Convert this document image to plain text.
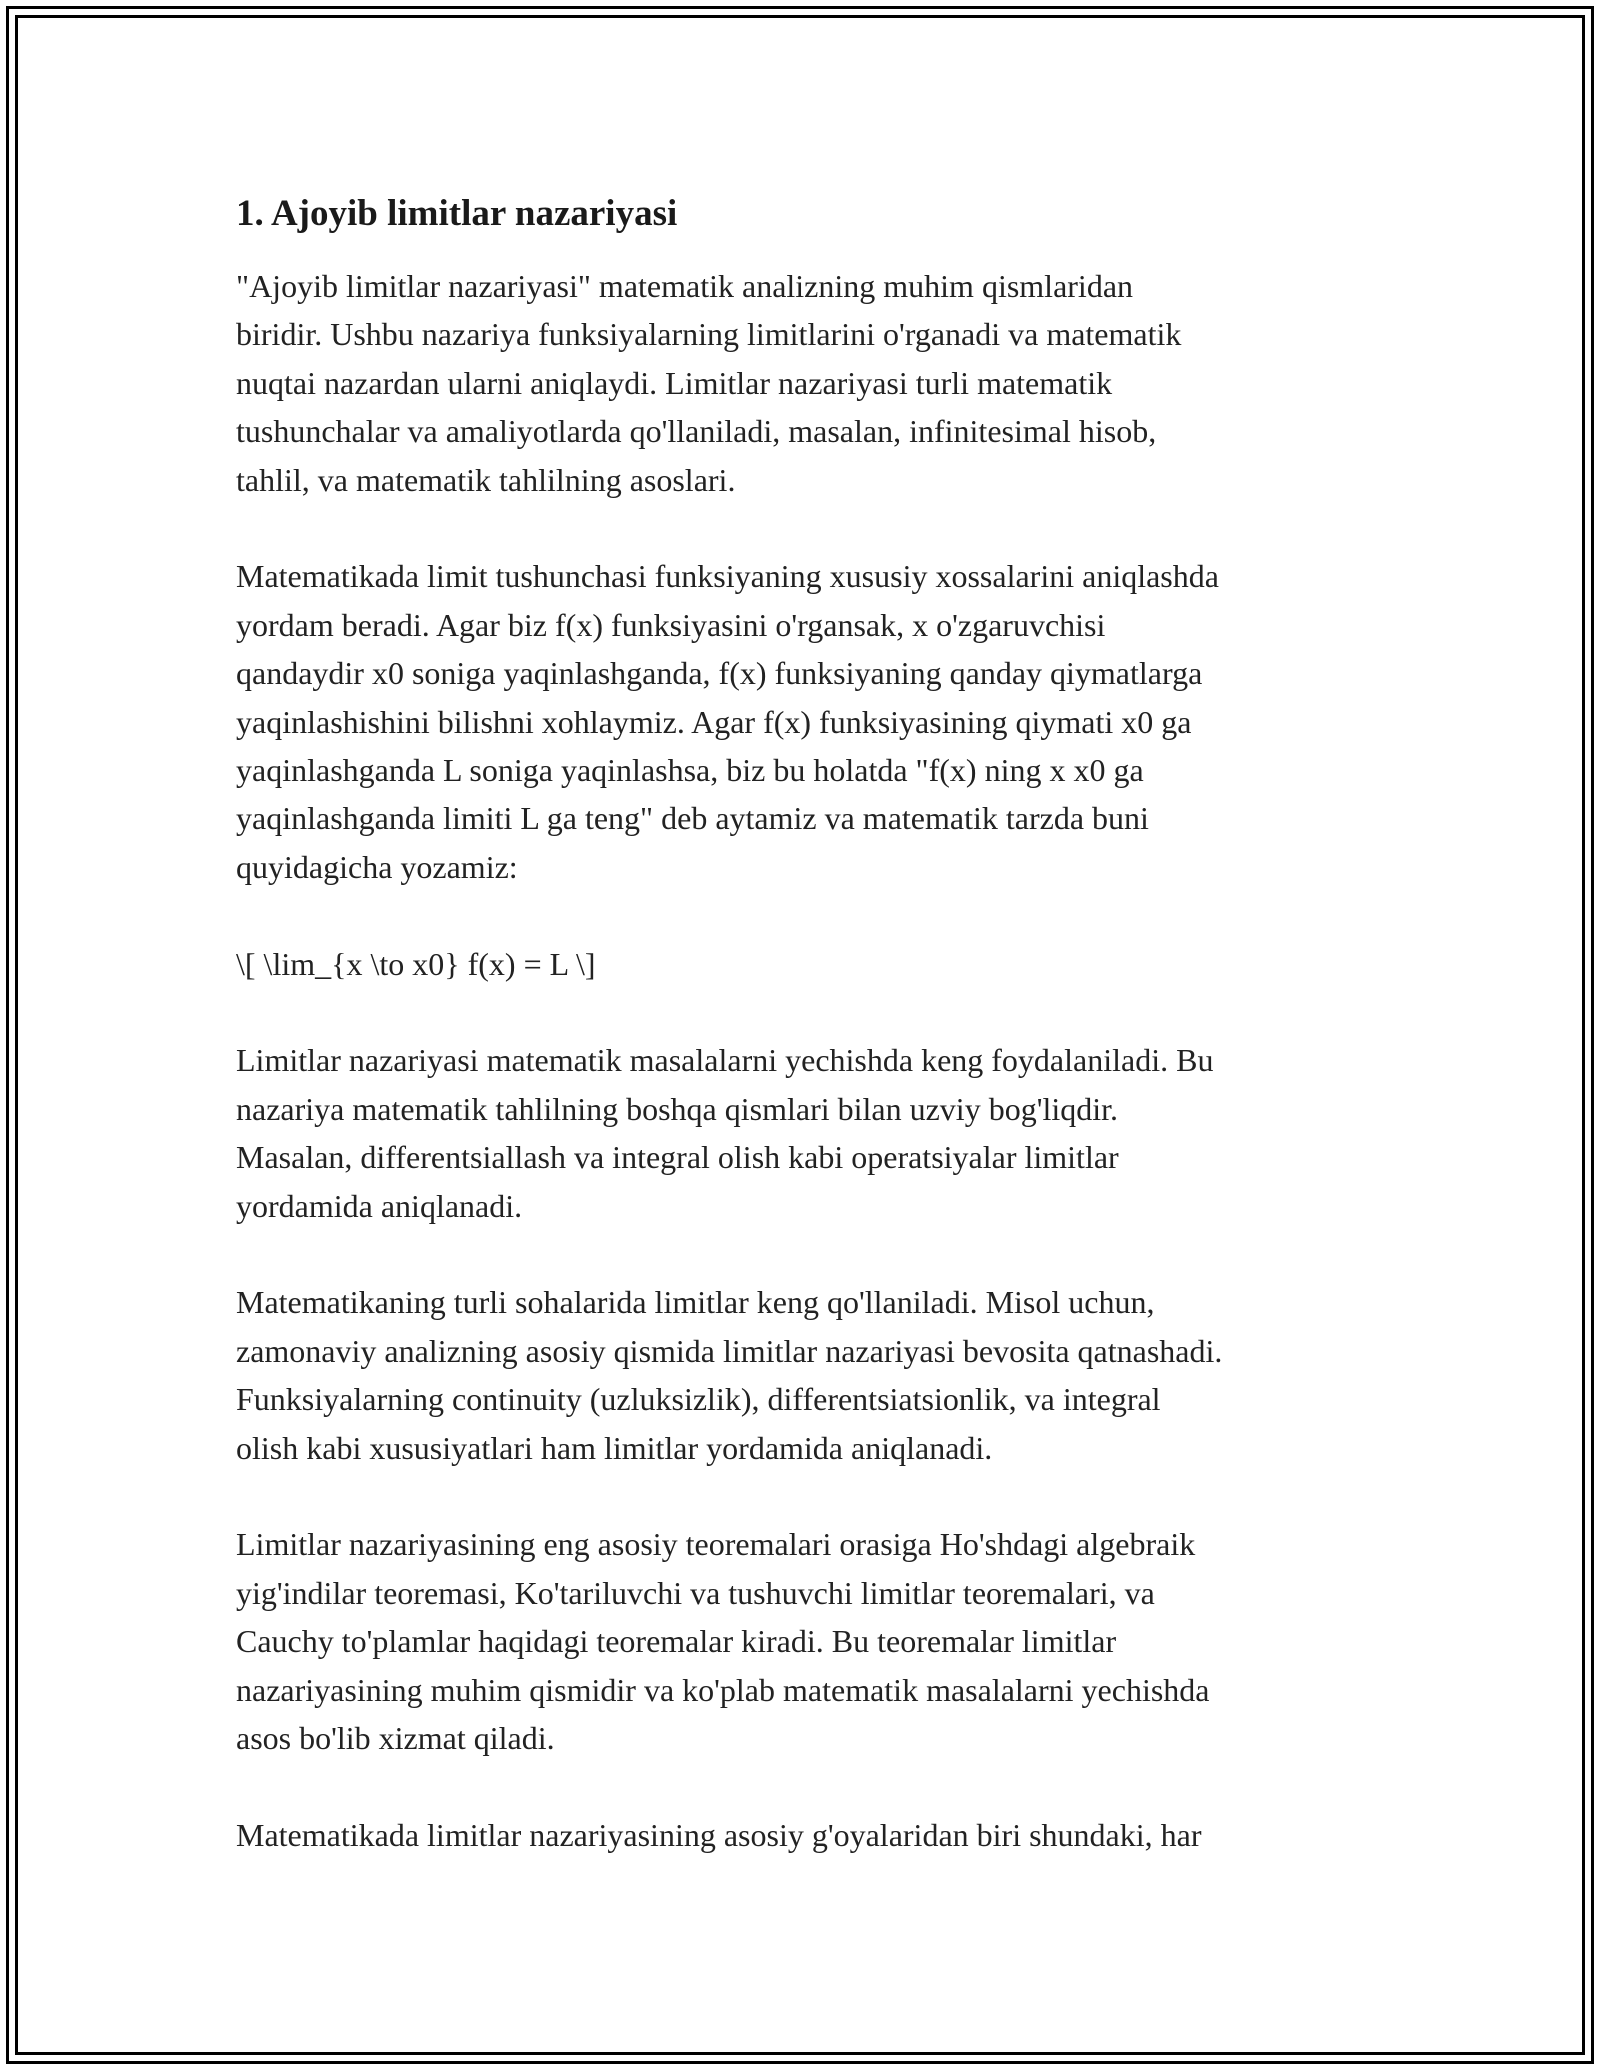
1. Ajoyib limitlar nazariyasi

"Ajoyib limitlar nazariyasi" matematik analizning muhim qismlaridan
biridir. Ushbu nazariya funksiyalarning limitlarini o'rganadi va matematik
nuqtai nazardan ularni aniqlaydi. Limitlar nazariyasi turli matematik
tushunchalar va amaliyotlarda qo'llaniladi, masalan, infinitesimal hisob,
tahlil, va matematik tahlilning asoslari.

Matematikada limit tushunchasi funksiyaning xususiy xossalarini aniqlashda
yordam beradi. Agar biz f(x) funksiyasini o'rgansak, x o'zgaruvchisi
qandaydir x0 soniga yaqinlashganda, f(x) funksiyaning qanday qiymatlarga
yaqinlashishini bilishni xohlaymiz. Agar f(x) funksiyasining qiymati x0 ga
yaqinlashganda L soniga yaqinlashsa, biz bu holatda "f(x) ning x x0 ga
yaqinlashganda limiti L ga teng" deb aytamiz va matematik tarzda buni
quyidagicha yozamiz:

\[ \lim_{x \to x0} f(x) = L \]

Limitlar nazariyasi matematik masalalarni yechishda keng foydalaniladi. Bu
nazariya matematik tahlilning boshqa qismlari bilan uzviy bog'liqdir.
Masalan, differentsiallash va integral olish kabi operatsiyalar limitlar
yordamida aniqlanadi.

Matematikaning turli sohalarida limitlar keng qo'llaniladi. Misol uchun,
zamonaviy analizning asosiy qismida limitlar nazariyasi bevosita qatnashadi.
Funksiyalarning continuity (uzluksizlik), differentsiatsionlik, va integral
olish kabi xususiyatlari ham limitlar yordamida aniqlanadi.

Limitlar nazariyasining eng asosiy teoremalari orasiga Ho'shdagi algebraik
yig'indilar teoremasi, Ko'tariluvchi va tushuvchi limitlar teoremalari, va
Cauchy to'plamlar haqidagi teoremalar kiradi. Bu teoremalar limitlar
nazariyasining muhim qismidir va ko'plab matematik masalalarni yechishda
asos bo'lib xizmat qiladi.

Matematikada limitlar nazariyasining asosiy g'oyalaridan biri shundaki, har
